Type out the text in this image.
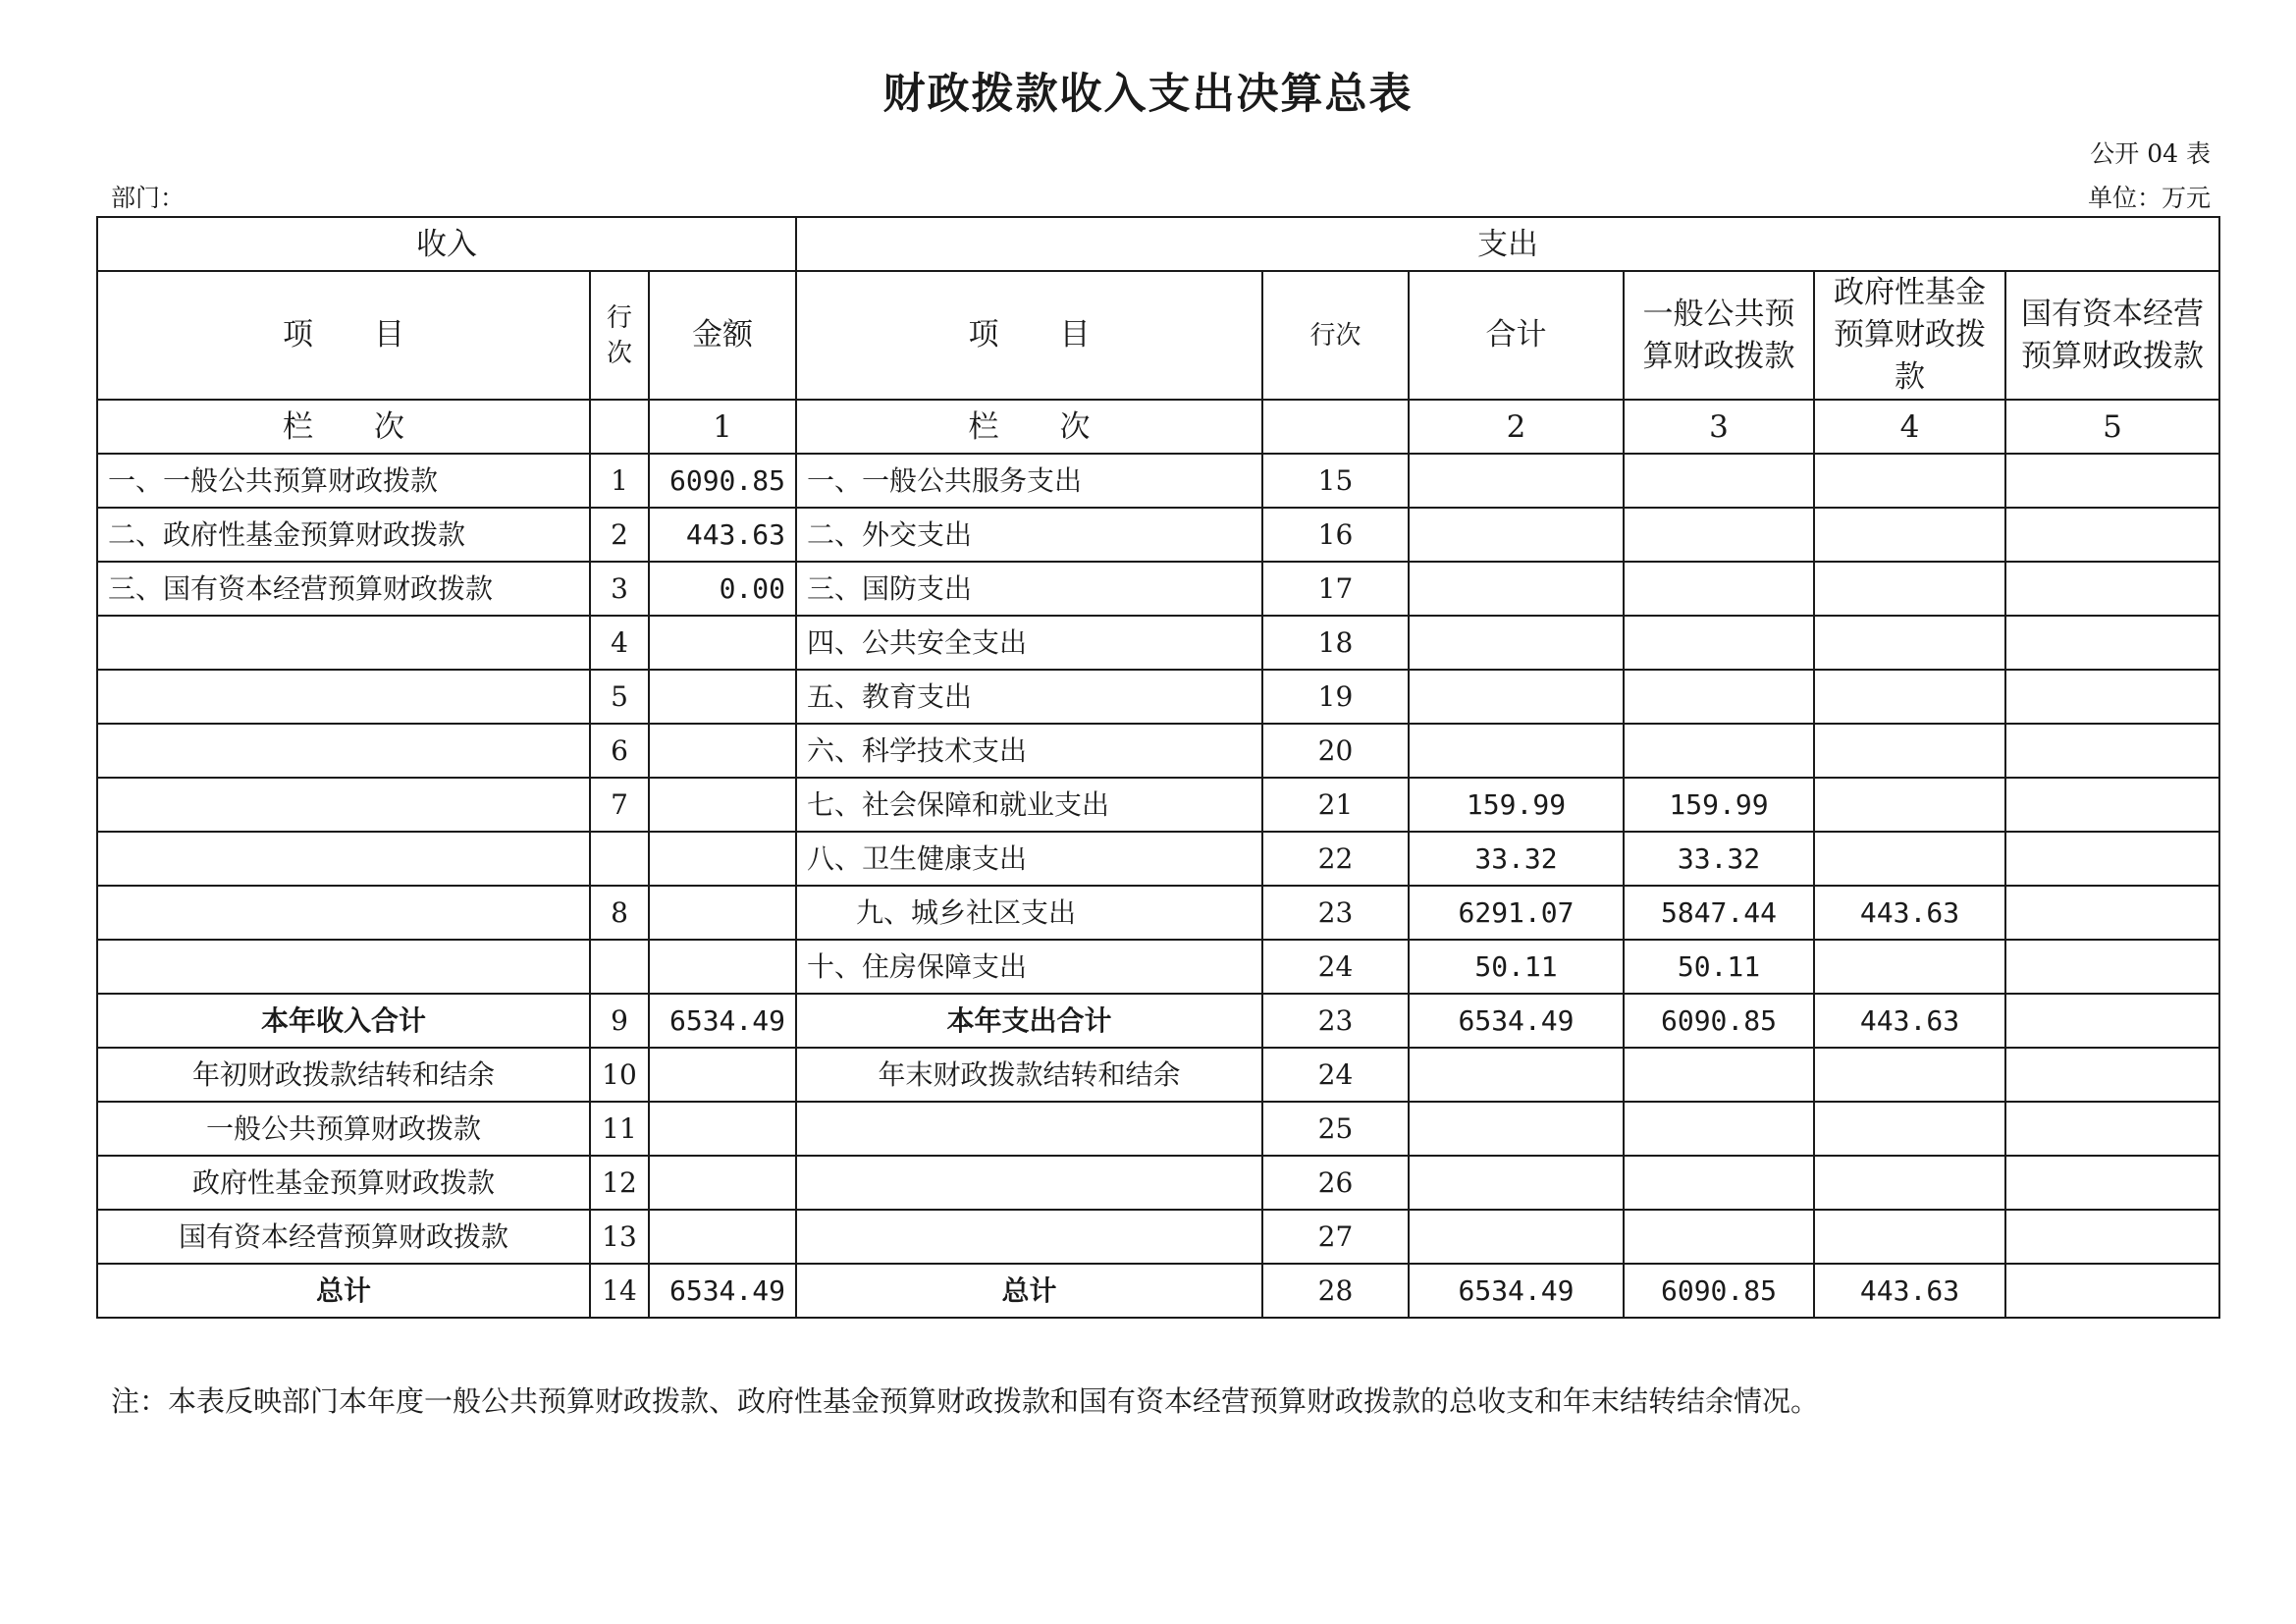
财政拨款收入支出决算总表
公开 04 表
部门：	单位：万元
收入			支出					
项　　目	行次	金额	项　　目	行次	合计	一般公共预算财政拨款	政府性基金预算财政拨款	国有资本经营预算财政拨款
栏　　次		1	栏　　次		2	3	4	5
一、一般公共预算财政拨款	1	6090.85	一、一般公共服务支出	15				
二、政府性基金预算财政拨款	2	443.63	二、外交支出	16				
三、国有资本经营预算财政拨款	3	0.00	三、国防支出	17				
	4		四、公共安全支出	18				
	5		五、教育支出	19				
	6		六、科学技术支出	20				
	7		七、社会保障和就业支出	21	159.99	159.99		
			八、卫生健康支出	22	33.32	33.32		
	8		九、城乡社区支出	23	6291.07	5847.44	443.63	
			十、住房保障支出	24	50.11	50.11		
本年收入合计	9	6534.49	本年支出合计	23	6534.49	6090.85	443.63	
年初财政拨款结转和结余	10		年末财政拨款结转和结余	24				
一般公共预算财政拨款	11			25				
政府性基金预算财政拨款	12			26				
国有资本经营预算财政拨款	13			27				
总计	14	6534.49	总计	28	6534.49	6090.85	443.63	
注：本表反映部门本年度一般公共预算财政拨款、政府性基金预算财政拨款和国有资本经营预算财政拨款的总收支和年末结转结余情况。
